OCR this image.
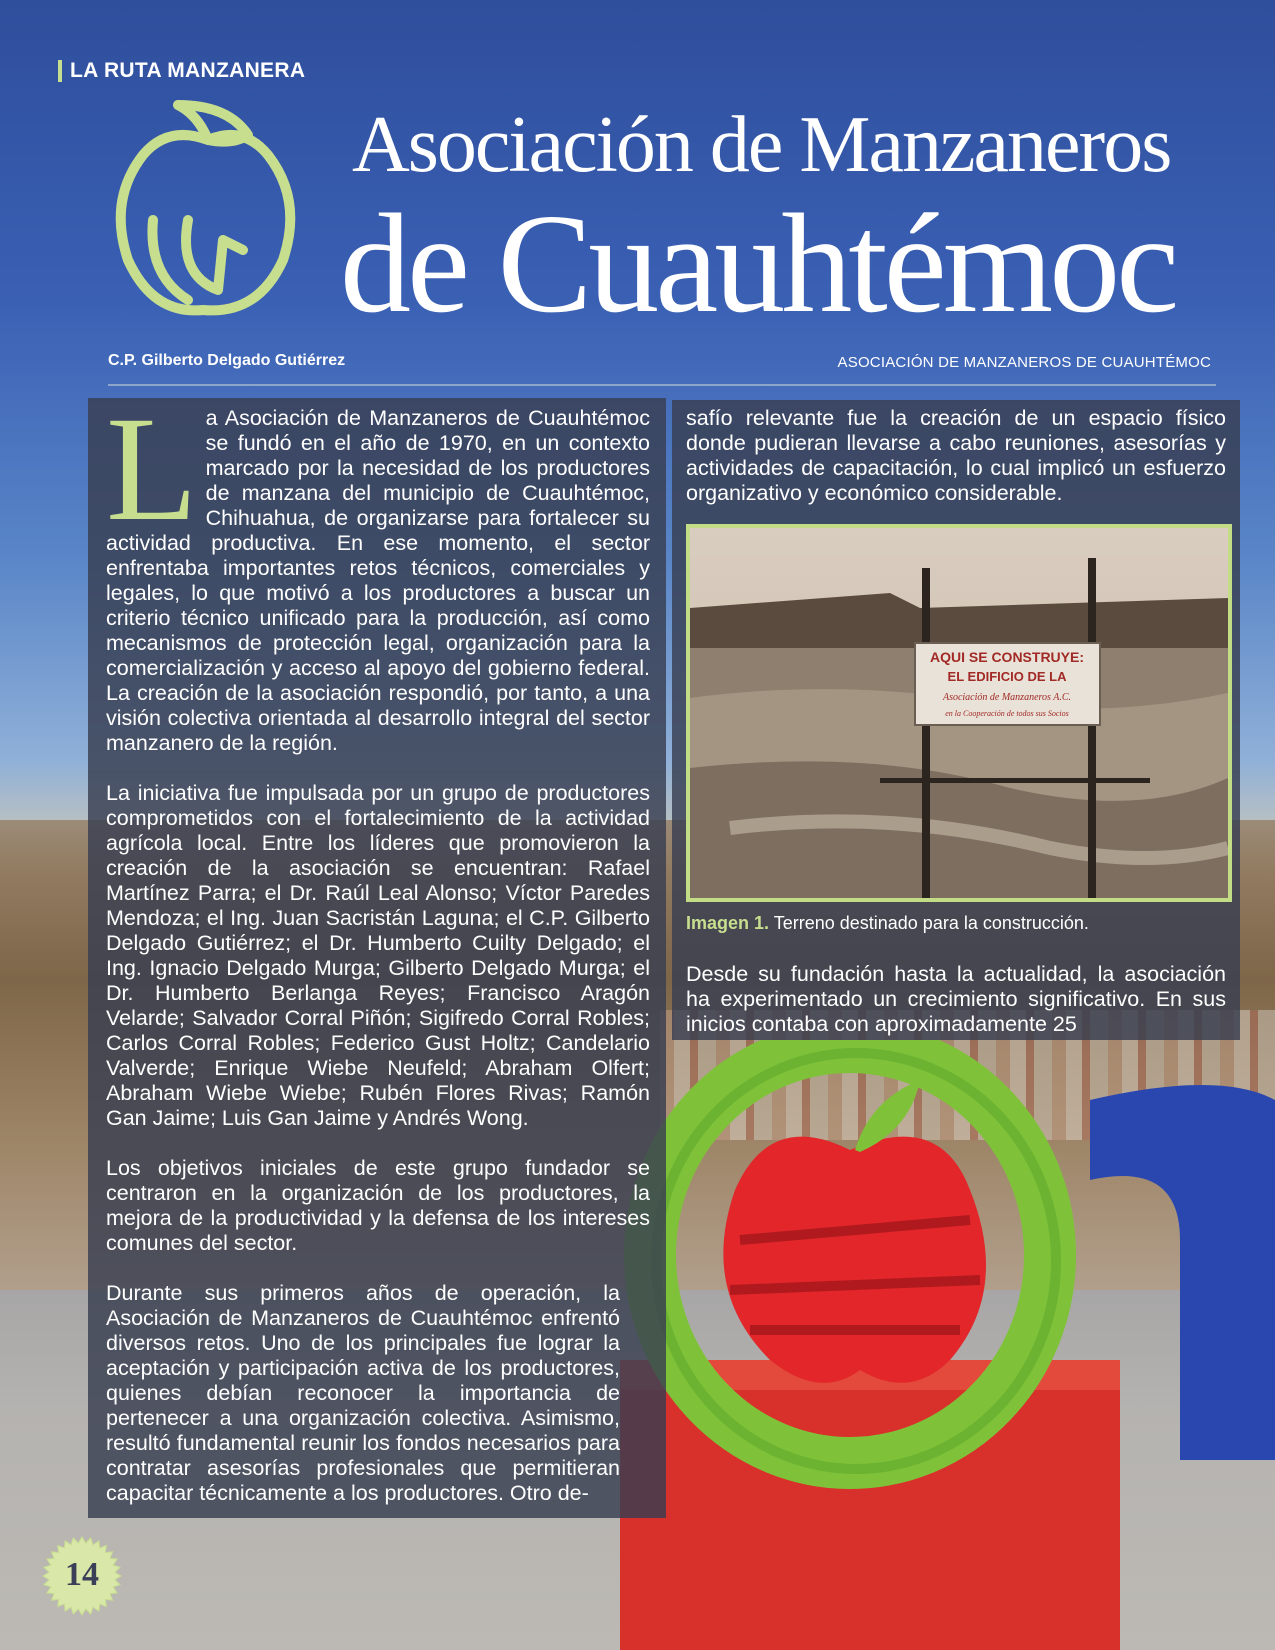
LA RUTA MANZANERA
Asociación de Manzaneros
de Cuauhtémoc
C.P. Gilberto Delgado Gutiérrez	ASOCIACIÓN DE MANZANEROS DE CUAUHTÉMOC

La Asociación de Manzaneros de Cuauhtémoc se fundó en el año de 1970, en un contexto marcado por la necesidad de los productores de manzana del municipio de Cuauhtémoc, Chihuahua, de organizarse para fortalecer su actividad productiva. En ese momento, el sector enfrentaba importantes retos técnicos, comerciales y legales, lo que motivó a los productores a buscar un criterio técnico unificado para la producción, así como mecanismos de protección legal, organización para la comercialización y acceso al apoyo del gobierno federal. La creación de la asociación respondió, por tanto, a una visión colectiva orientada al desarrollo integral del sector manzanero de la región.

La iniciativa fue impulsada por un grupo de productores comprometidos con el fortalecimiento de la actividad agrícola local. Entre los líderes que promovieron la creación de la asociación se encuentran: Rafael Martínez Parra; el Dr. Raúl Leal Alonso; Víctor Paredes Mendoza; el Ing. Juan Sacristán Laguna; el C.P. Gilberto Delgado Gutiérrez; el Dr. Humberto Cuilty Delgado; el Ing. Ignacio Delgado Murga; Gilberto Delgado Murga; el Dr. Humberto Berlanga Reyes; Francisco Aragón Velarde; Salvador Corral Piñón; Sigifredo Corral Robles; Carlos Corral Robles; Federico Gust Holtz; Candelario Valverde; Enrique Wiebe Neufeld; Abraham Olfert; Abraham Wiebe Wiebe; Rubén Flores Rivas; Ramón Gan Jaime; Luis Gan Jaime y Andrés Wong.

Los objetivos iniciales de este grupo fundador se centraron en la organización de los productores, la mejora de la productividad y la defensa de los intereses comunes del sector.

Durante sus primeros años de operación, la Asociación de Manzaneros de Cuauhtémoc enfrentó diversos retos. Uno de los principales fue lograr la aceptación y participación activa de los productores, quienes debían reconocer la importancia de pertenecer a una organización colectiva. Asimismo, resultó fundamental reunir los fondos necesarios para contratar asesorías profesionales que permitieran capacitar técnicamente a los productores. Otro de-

safío relevante fue la creación de un espacio físico donde pudieran llevarse a cabo reuniones, asesorías y actividades de capacitación, lo cual implicó un esfuerzo organizativo y económico considerable.

AQUI SE CONSTRUYE:
EL EDIFICIO DE LA
Asociación de Manzaneros A.C.
en la Cooperación de todos sus Socios
Imagen 1. Terreno destinado para la construcción.

Desde su fundación hasta la actualidad, la asociación ha experimentado un crecimiento significativo. En sus inicios contaba con aproximadamente 25

14
